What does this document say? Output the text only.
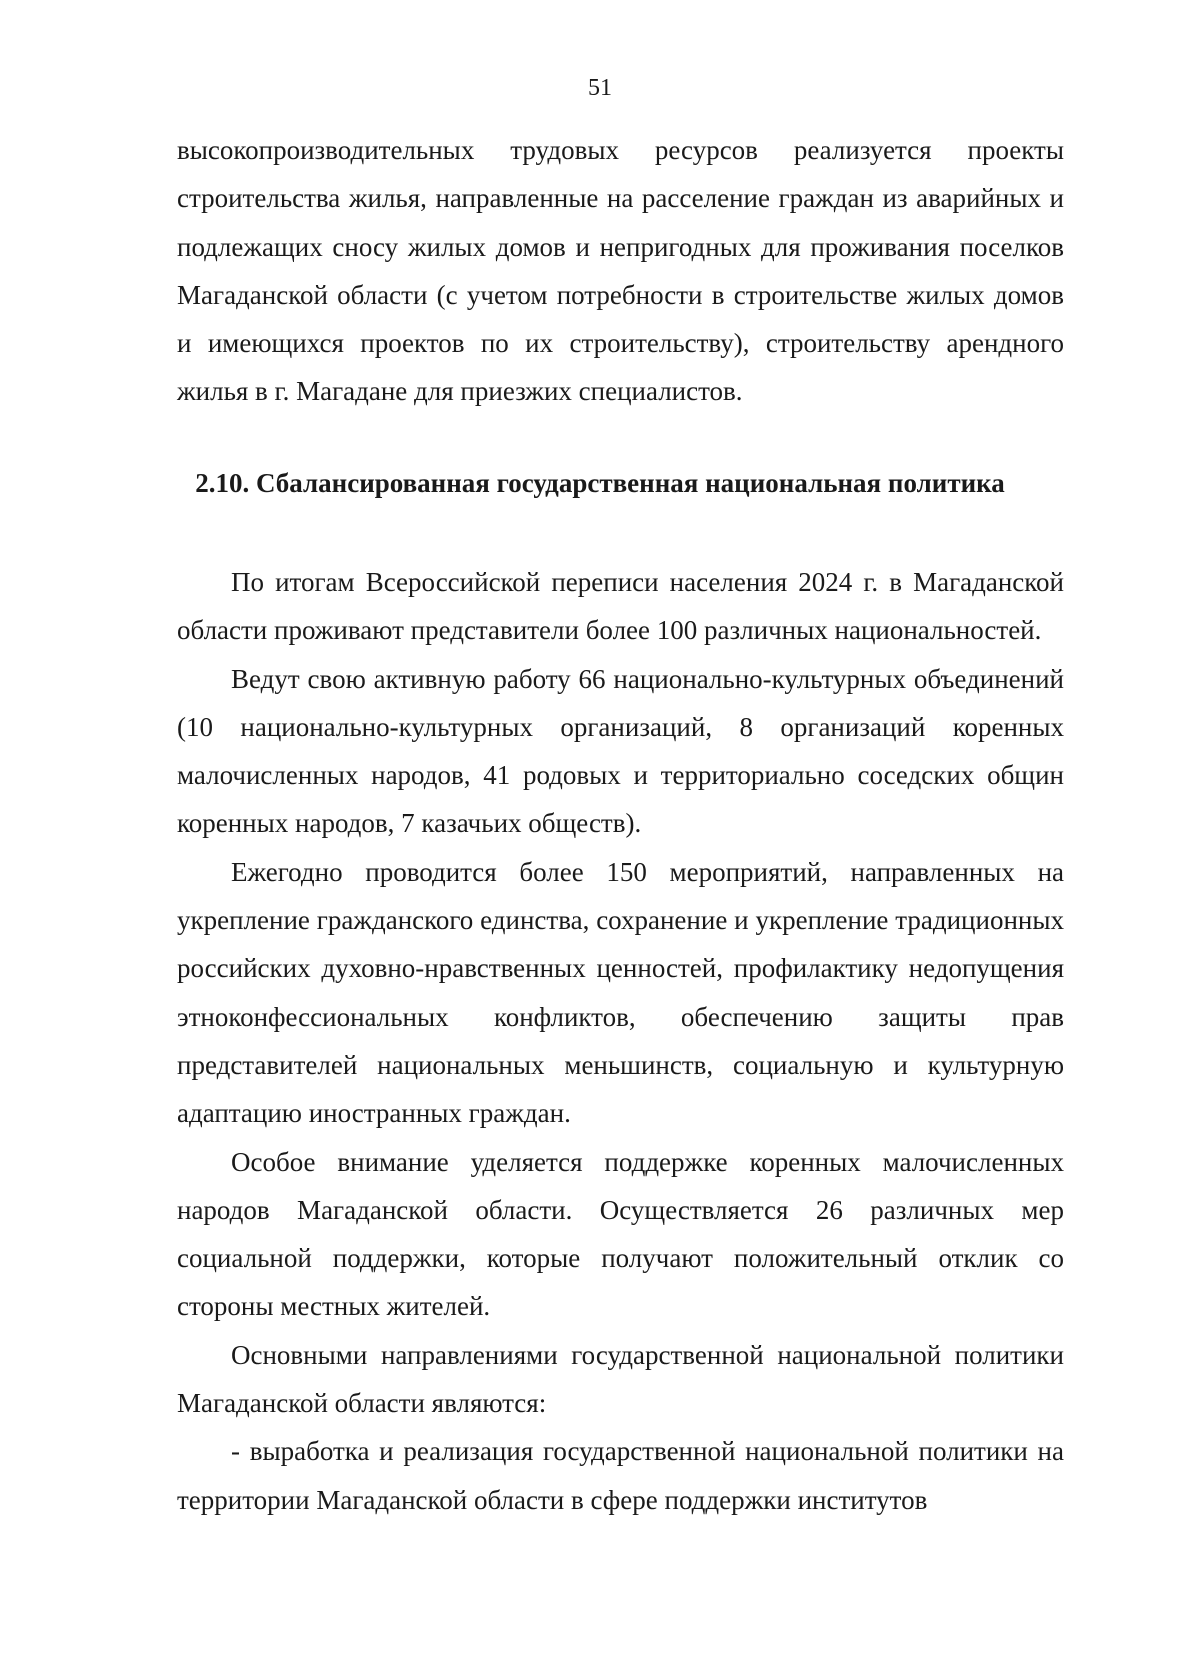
51

высокопроизводительных трудовых ресурсов реализуется проекты строительства жилья, направленные на расселение граждан из аварийных и подлежащих сносу жилых домов и непригодных для проживания поселков Магаданской области (с учетом потребности в строительстве жилых домов и имеющихся проектов по их строительству), строительству арендного жилья в г. Магадане для приезжих специалистов.

2.10. Сбалансированная государственная национальная политика

По итогам Всероссийской переписи населения 2024 г. в Магаданской области проживают представители более 100 различных национальностей.

Ведут свою активную работу 66 национально-культурных объединений (10 национально-культурных организаций, 8 организаций коренных малочисленных народов, 41 родовых и территориально соседских общин коренных народов, 7 казачьих обществ).

Ежегодно проводится более 150 мероприятий, направленных на укрепление гражданского единства, сохранение и укрепление традиционных российских духовно-нравственных ценностей, профилактику недопущения этноконфессиональных конфликтов, обеспечению защиты прав представителей национальных меньшинств, социальную и культурную адаптацию иностранных граждан.

Особое внимание уделяется поддержке коренных малочисленных народов Магаданской области. Осуществляется 26 различных мер социальной поддержки, которые получают положительный отклик со стороны местных жителей.

Основными направлениями государственной национальной политики Магаданской области являются:

- выработка и реализация государственной национальной политики на территории Магаданской области в сфере поддержки институтов
